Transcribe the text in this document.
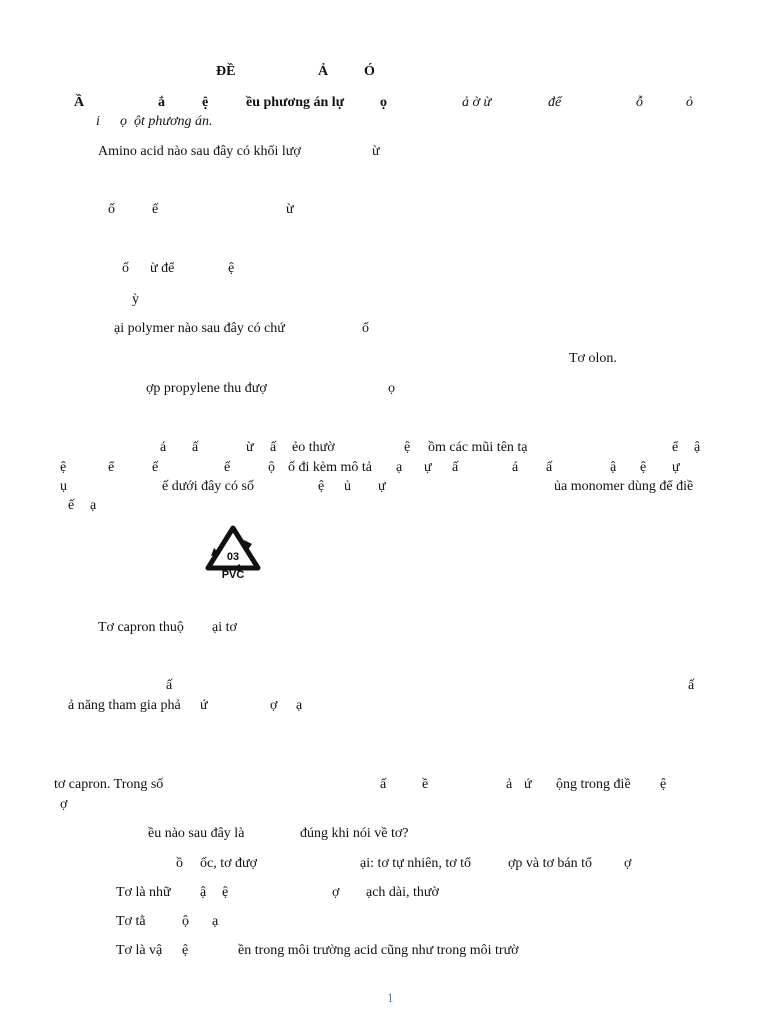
ĐỀ	Ả	Ó
Ầ	ắ	ệ	ều phương án lự	ọ	ả ờ ừ	để	ỗ	ỏ
i ọ ột phương án.
Amino acid nào sau đây có khối lượ	ừ
ố	ế	ừ
ố ừ để	ệ
ỳ
ại polymer nào sau đây có chứ	ố
Tơ olon.
ợp propylene thu đượ	ọ
á ấ	ừ ấ ẻo thườ	ệ ồm các mũi tên tạ	ể ậ
ệ	ể	ế	ế	ộ ố đi kèm mô tả ạ ự ấ	á ấ	ậ ệ ự
ụ	ế dưới đây có số	ệ ủ ự	ủa monomer dùng để điề
ế ạ
03
PVC
Tơ capron thuộ ại tơ
ấ	ấ
ả năng tham gia phả ứ	ợ ạ
tơ capron. Trong số	ấ	ề	ả ứ ộng trong điề ệ
ợ
ều nào sau đây là	đúng khi nói về tơ?
ồ ốc, tơ đượ	ại: tơ tự nhiên, tơ tổ	ợp và tơ bán tổ ợ
Tơ là nhữ ậ ệ	ợ ạch dài, thườ
Tơ tằ	ộ ạ
Tơ là vậ ệ	ền trong môi trường acid cũng như trong môi trườ
1
